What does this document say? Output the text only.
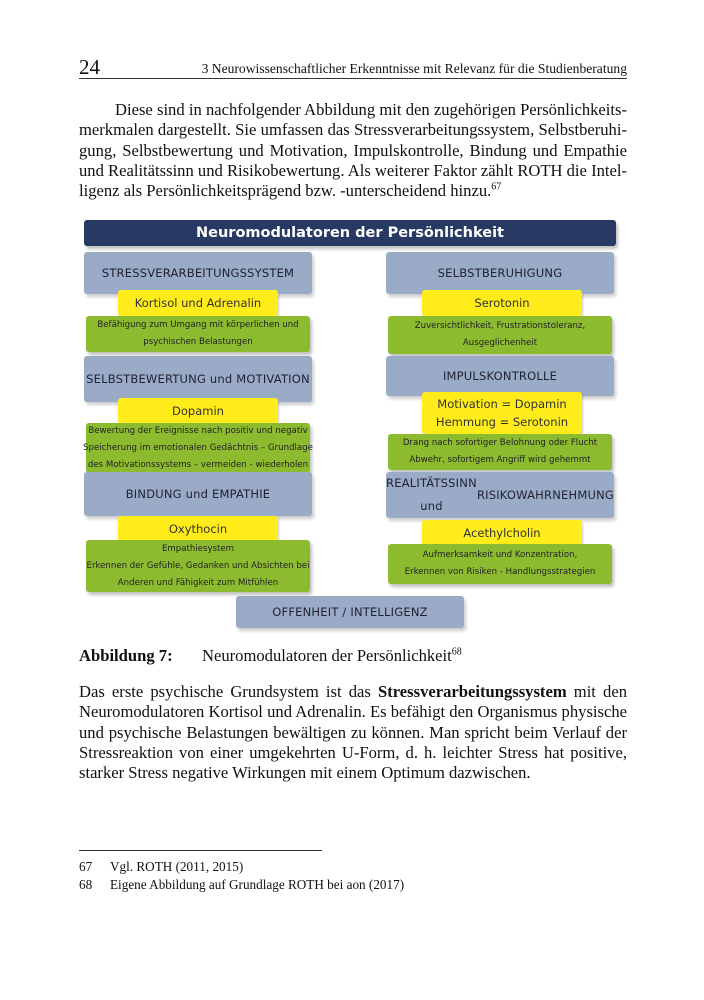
24	3 Neurowissenschaftlicher Erkenntnisse mit Relevanz für die Studienberatung

Diese sind in nachfolgender Abbildung mit den zugehörigen Persönlichkeits-merkmalen dargestellt. Sie umfassen das Stressverarbeitungssystem, Selbstberuhi-gung, Selbstbewertung und Motivation, Impulskontrolle, Bindung und Empathie und Realitätssinn und Risikobewertung. Als weiterer Faktor zählt ROTH die Intel-ligenz als Persönlichkeitsprägend bzw. -unterscheidend hinzu.$^{67}$

Neuromodulatoren der Persönlichkeit
STRESSVERARBEITUNGSSYSTEM
Kortisol und Adrenalin
Befähigung zum Umgang mit körperlichen und
psychischen Belastungen
SELBSTBEWERTUNG und MOTIVATION
Dopamin
Bewertung der Ereignisse nach positiv und negativ
Speicherung im emotionalen Gedächtnis – Grundlage
des Motivationssystems – vermeiden - wiederholen
BINDUNG und EMPATHIE
Oxythocin
Empathiesystem
Erkennen der Gefühle, Gedanken und Absichten bei
Anderen und Fähigkeit zum Mitfühlen
SELBSTBERUHIGUNG
Serotonin
Zuversichtlichkeit, Frustrationstoleranz,
Ausgeglichenheit
IMPULSKONTROLLE
Motivation = Dopamin
Hemmung = Serotonin
Drang nach sofortiger Belohnung oder Flucht
Abwehr, sofortigem Angriff wird gehemmt
REALITÄTSSINN und
RISIKOWAHRNEHMUNG
Acethylcholin
Aufmerksamkeit und Konzentration,
Erkennen von Risiken - Handlungsstrategien
OFFENHEIT / INTELLIGENZ
Abbildung 7: Neuromodulatoren der Persönlichkeit$^{68}$

Das erste psychische Grundsystem ist das Stressverarbeitungssystem mit den Neuromodulatoren Kortisol und Adrenalin. Es befähigt den Organismus physische und psychische Belastungen bewältigen zu können. Man spricht beim Verlauf der Stressreaktion von einer umgekehrten U-Form, d. h. leichter Stress hat positive, starker Stress negative Wirkungen mit einem Optimum dazwischen.

67 Vgl. ROTH (2011, 2015)
68 Eigene Abbildung auf Grundlage ROTH bei aon (2017)
